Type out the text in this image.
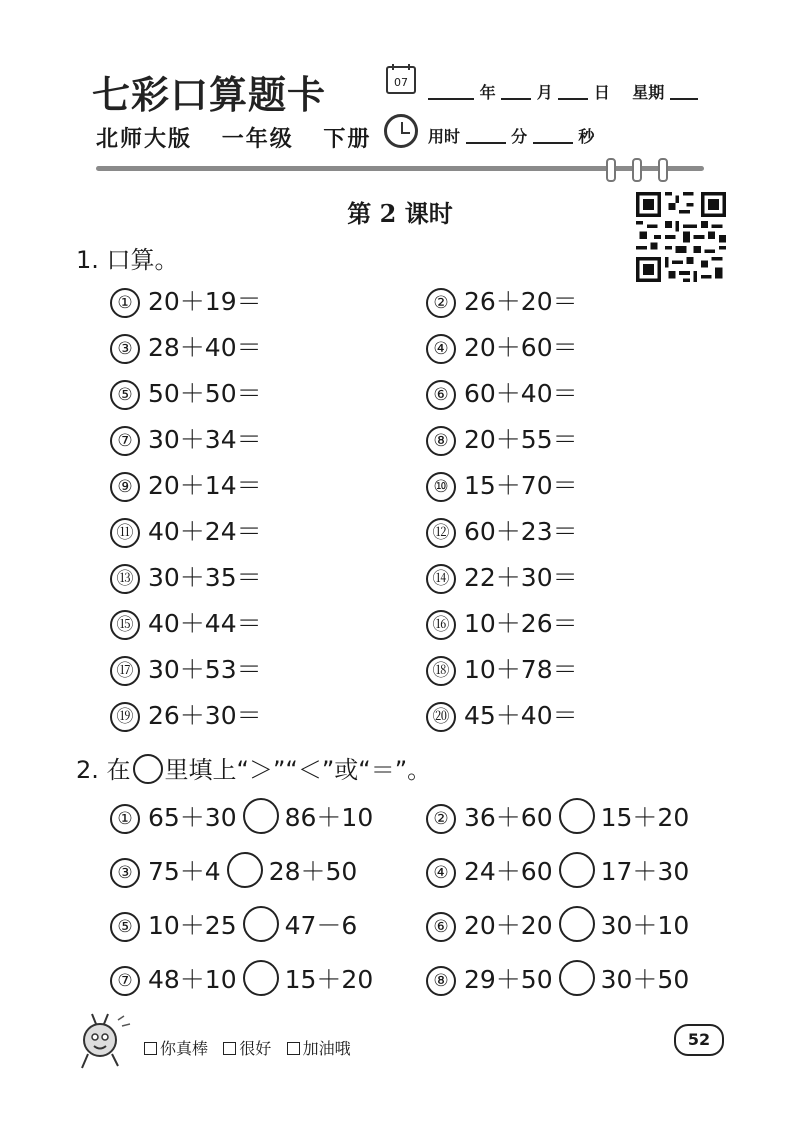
七彩口算题卡
北师大版 一年级 下册
07
年	月	日 星期
用时	分	秒
第 2 课时
1. 口算。
① 20＋19＝	② 26＋20＝
③ 28＋40＝	④ 20＋60＝
⑤ 50＋50＝	⑥ 60＋40＝
⑦ 30＋34＝	⑧ 20＋55＝
⑨ 20＋14＝	⑩ 15＋70＝
⑪ 40＋24＝	⑫ 60＋23＝
⑬ 30＋35＝	⑭ 22＋30＝
⑮ 40＋44＝	⑯ 10＋26＝
⑰ 30＋53＝	⑱ 10＋78＝
⑲ 26＋30＝	⑳ 45＋40＝
2. 在 里填上“＞”“＜”或“＝”。
① 65＋30 86＋10	② 36＋60 15＋20
③ 75＋4 28＋50	④ 24＋60 17＋30
⑤ 10＋25 47－6	⑥ 20＋20 30＋10
⑦ 48＋10 15＋20	⑧ 29＋50 30＋50
你真棒 很好 加油哦	52
